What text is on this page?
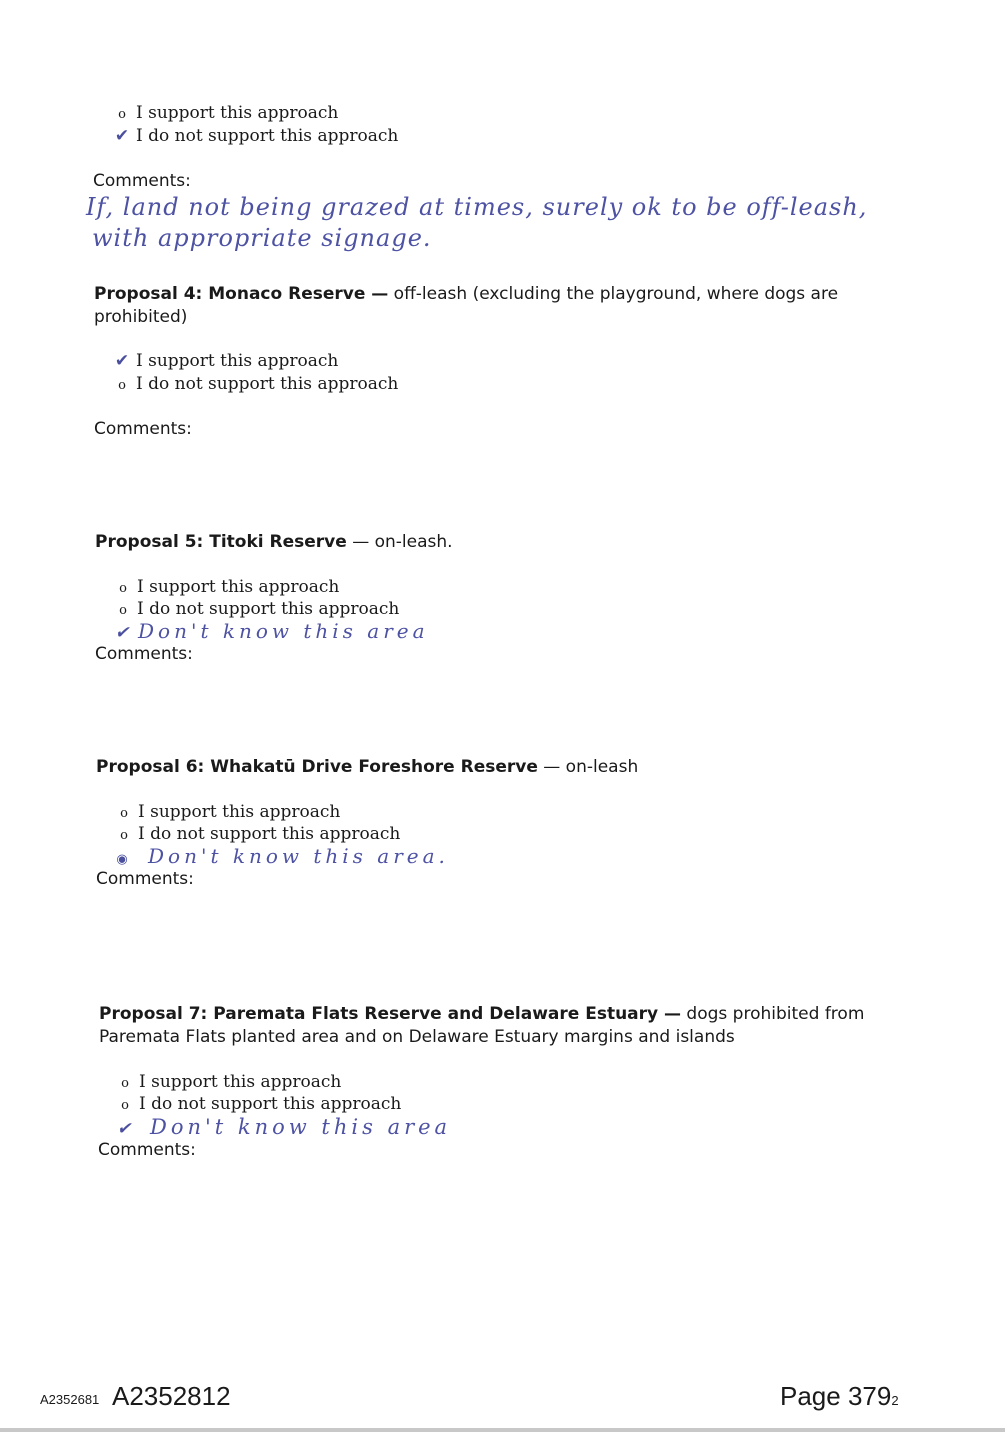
o I support this approach
✔ I do not support this approach
Comments:
If, land not being grazed at times, surely ok to be off-leash,
with appropriate signage.
Proposal 4: Monaco Reserve — off-leash (excluding the playground, where dogs are prohibited)
✔ I support this approach
o I do not support this approach
Comments:
Proposal 5: Titoki Reserve — on-leash.
o I support this approach
o I do not support this approach
✔ Don't know this area
Comments:
Proposal 6: Whakatū Drive Foreshore Reserve — on-leash
o I support this approach
o I do not support this approach
◉ Don't know this area.
Comments:
Proposal 7: Paremata Flats Reserve and Delaware Estuary — dogs prohibited from Paremata Flats planted area and on Delaware Estuary margins and islands
o I support this approach
o I do not support this approach
✔ Don't know this area
Comments:
A2352681 A2352812	Page 3792
